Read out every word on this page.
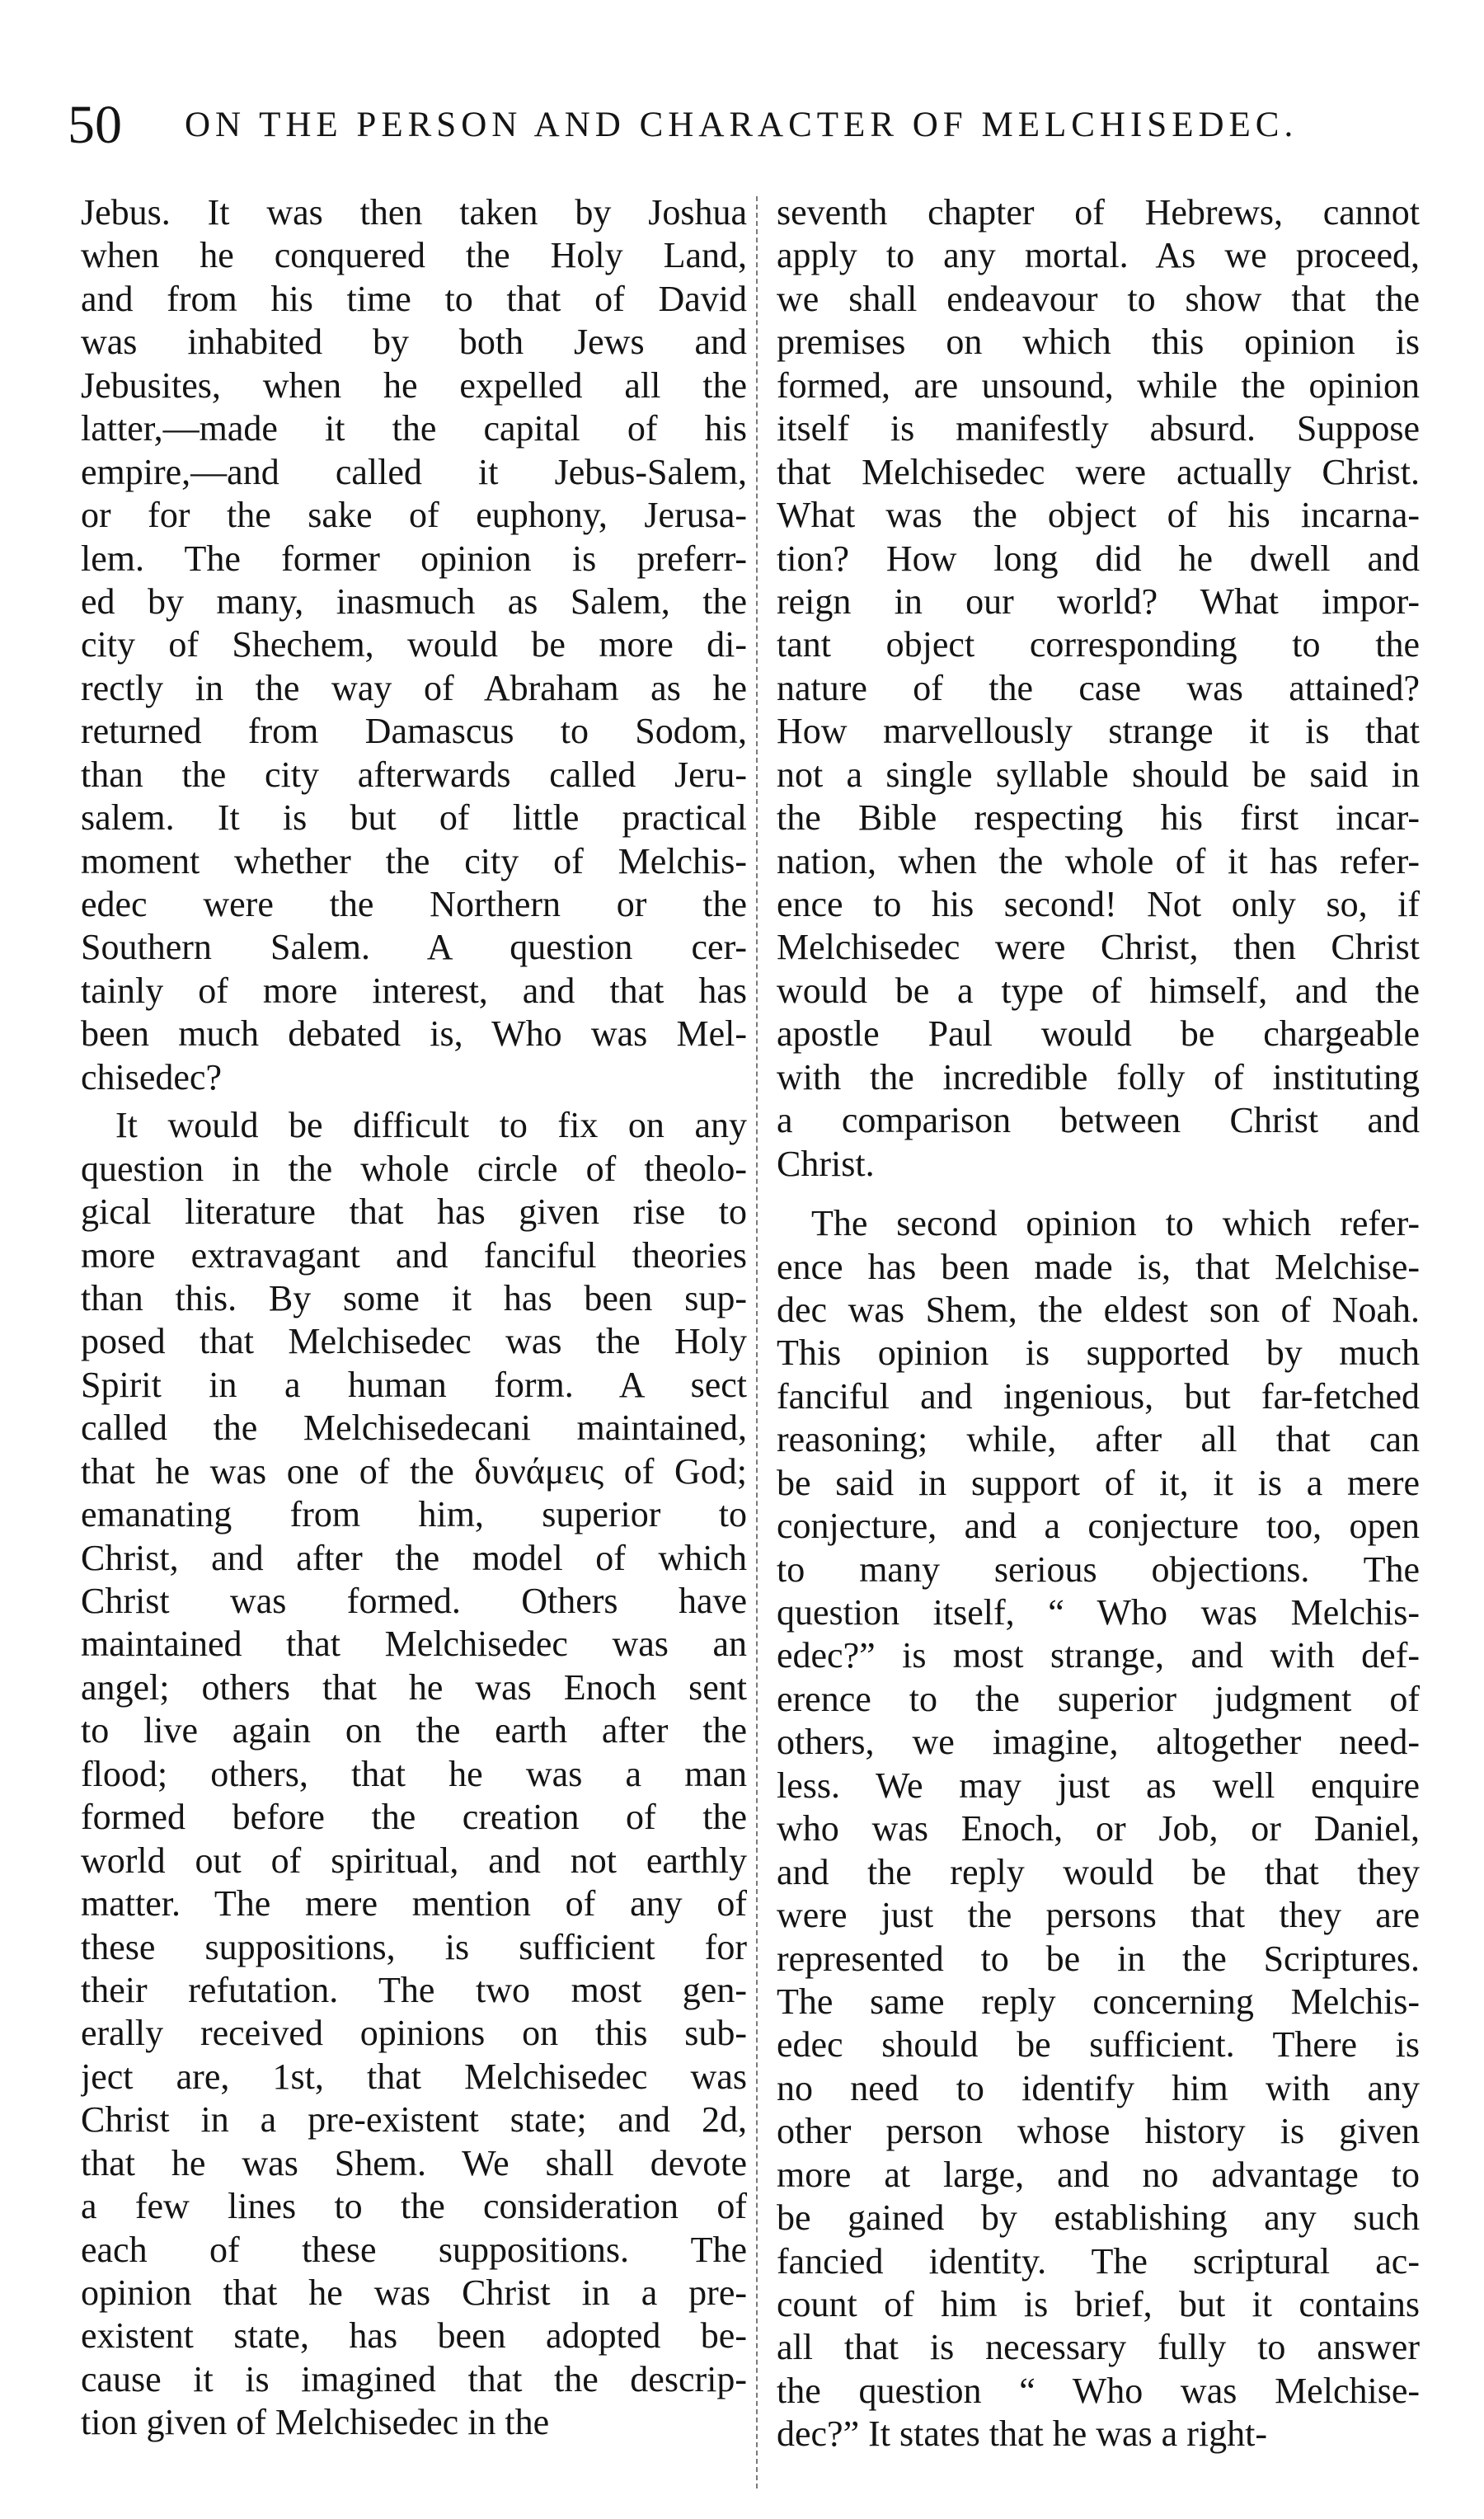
50 ON THE PERSON AND CHARACTER OF MELCHISEDEC.
Jebus. It was then taken by Joshua
when he conquered the Holy Land,
and from his time to that of David
was inhabited by both Jews and
Jebusites, when he expelled all the
latter,—made it the capital of his
empire,—and called it Jebus-Salem,
or for the sake of euphony, Jerusa-
lem. The former opinion is preferr-
ed by many, inasmuch as Salem, the
city of Shechem, would be more di-
rectly in the way of Abraham as he
returned from Damascus to Sodom,
than the city afterwards called Jeru-
salem. It is but of little practical
moment whether the city of Melchis-
edec were the Northern or the
Southern Salem. A question cer-
tainly of more interest, and that has
been much debated is, Who was Mel-
chisedec?
It would be difficult to fix on any
question in the whole circle of theolo-
gical literature that has given rise to
more extravagant and fanciful theories
than this. By some it has been sup-
posed that Melchisedec was the Holy
Spirit in a human form. A sect
called the Melchisedecani maintained,
that he was one of the δυνάμεις of God;
emanating from him, superior to
Christ, and after the model of which
Christ was formed. Others have
maintained that Melchisedec was an
angel; others that he was Enoch sent
to live again on the earth after the
flood; others, that he was a man
formed before the creation of the
world out of spiritual, and not earthly
matter. The mere mention of any of
these suppositions, is sufficient for
their refutation. The two most gen-
erally received opinions on this sub-
ject are, 1st, that Melchisedec was
Christ in a pre-existent state; and 2d,
that he was Shem. We shall devote
a few lines to the consideration of
each of these suppositions. The
opinion that he was Christ in a pre-
existent state, has been adopted be-
cause it is imagined that the descrip-
tion given of Melchisedec in the
seventh chapter of Hebrews, cannot
apply to any mortal. As we proceed,
we shall endeavour to show that the
premises on which this opinion is
formed, are unsound, while the opinion
itself is manifestly absurd. Suppose
that Melchisedec were actually Christ.
What was the object of his incarna-
tion? How long did he dwell and
reign in our world? What impor-
tant object corresponding to the
nature of the case was attained?
How marvellously strange it is that
not a single syllable should be said in
the Bible respecting his first incar-
nation, when the whole of it has refer-
ence to his second! Not only so, if
Melchisedec were Christ, then Christ
would be a type of himself, and the
apostle Paul would be chargeable
with the incredible folly of instituting
a comparison between Christ and
Christ.
The second opinion to which refer-
ence has been made is, that Melchise-
dec was Shem, the eldest son of Noah.
This opinion is supported by much
fanciful and ingenious, but far-fetched
reasoning; while, after all that can
be said in support of it, it is a mere
conjecture, and a conjecture too, open
to many serious objections. The
question itself, “ Who was Melchis-
edec?” is most strange, and with def-
erence to the superior judgment of
others, we imagine, altogether need-
less. We may just as well enquire
who was Enoch, or Job, or Daniel,
and the reply would be that they
were just the persons that they are
represented to be in the Scriptures.
The same reply concerning Melchis-
edec should be sufficient. There is
no need to identify him with any
other person whose history is given
more at large, and no advantage to
be gained by establishing any such
fancied identity. The scriptural ac-
count of him is brief, but it contains
all that is necessary fully to answer
the question “ Who was Melchise-
dec?” It states that he was a right-
